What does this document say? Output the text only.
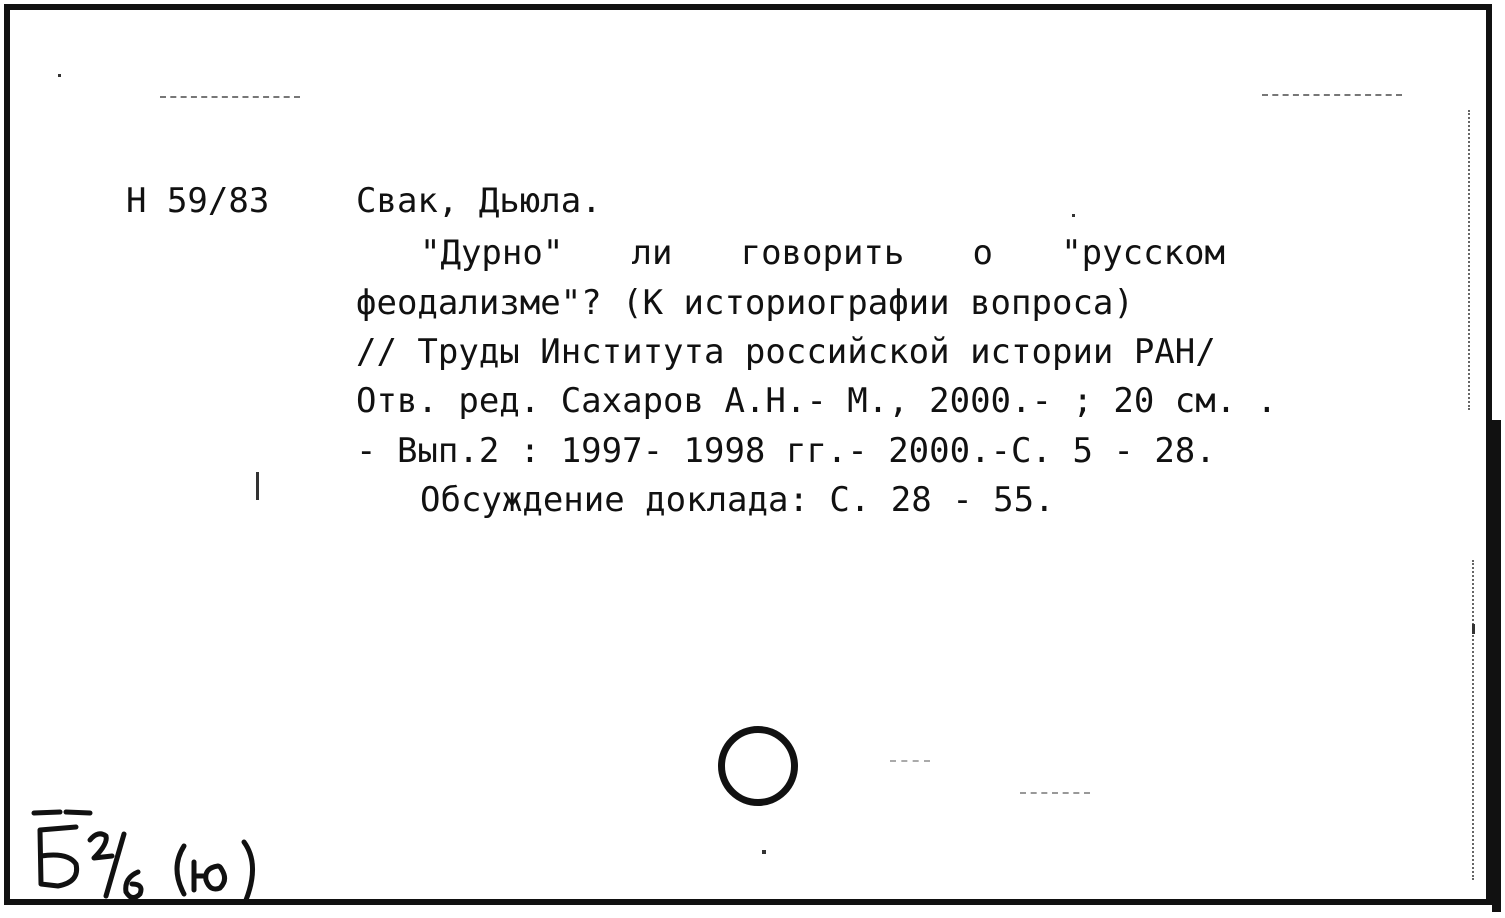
Н 59/83	Свак, Дьюла.
"Дурно" ли говорить о "русском
феодализме"? (К историографии вопроса)
// Труды Института российской истории РАН/
Отв. ред. Сахаров А.Н.- М., 2000.- ; 20 см. .
- Вып.2 : 1997- 1998 гг.- 2000.-С. 5 - 28.
Обсуждение доклада: С. 28 - 55.
